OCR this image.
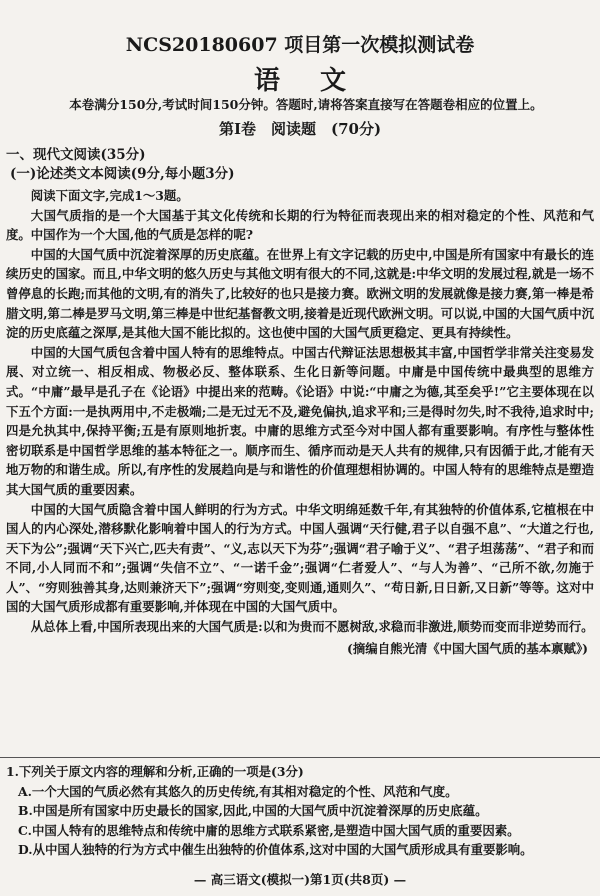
NCS20180607 项目第一次模拟测试卷
语文
本卷满分150分,考试时间150分钟。答题时,请将答案直接写在答题卷相应的位置上。
第Ⅰ卷　阅读题　(70分)
一、现代文阅读(35分)
(一)论述类文本阅读(9分,每小题3分)

阅读下面文字,完成1～3题。

大国气质指的是一个大国基于其文化传统和长期的行为特征而表现出来的相对稳定的个性、风范和气度。中国作为一个大国,他的气质是怎样的呢?

中国的大国气质中沉淀着深厚的历史底蕴。在世界上有文字记载的历史中,中国是所有国家中有最长的连续历史的国家。而且,中华文明的悠久历史与其他文明有很大的不同,这就是:中华文明的发展过程,就是一场不曾停息的长跑;而其他的文明,有的消失了,比较好的也只是接力赛。欧洲文明的发展就像是接力赛,第一棒是希腊文明,第二棒是罗马文明,第三棒是中世纪基督教文明,接着是近现代欧洲文明。可以说,中国的大国气质中沉淀的历史底蕴之深厚,是其他大国不能比拟的。这也使中国的大国气质更稳定、更具有持续性。

中国的大国气质包含着中国人特有的思维特点。中国古代辩证法思想极其丰富,中国哲学非常关注变易发展、对立统一、相反相成、物极必反、整体联系、生化日新等问题。中庸是中国传统中最典型的思维方式。“中庸”最早是孔子在《论语》中提出来的范畴。《论语》中说:“中庸之为德,其至矣乎!”它主要体现在以下五个方面:一是执两用中,不走极端;二是无过无不及,避免偏执,追求平和;三是得时勿失,时不我待,追求时中;四是允执其中,保持平衡;五是有原则地折衷。中庸的思维方式至今对中国人都有重要影响。有序性与整体性密切联系是中国哲学思维的基本特征之一。顺序而生、循序而动是天人共有的规律,只有因循于此,才能有天地万物的和谐生成。所以,有序性的发展趋向是与和谐性的价值理想相协调的。中国人特有的思维特点是塑造其大国气质的重要因素。

中国的大国气质隐含着中国人鲜明的行为方式。中华文明绵延数千年,有其独特的价值体系,它植根在中国人的内心深处,潜移默化影响着中国人的行为方式。中国人强调“天行健,君子以自强不息”、“大道之行也,天下为公”;强调“天下兴亡,匹夫有责”、“义,志以天下为芬”;强调“君子喻于义”、“君子坦荡荡”、“君子和而不同,小人同而不和”;强调“失信不立”、“一诺千金”;强调“仁者爱人”、“与人为善”、“己所不欲,勿施于人”、“穷则独善其身,达则兼济天下”;强调“穷则变,变则通,通则久”、“苟日新,日日新,又日新”等等。这对中国的大国气质形成都有重要影响,并体现在中国的大国气质中。

从总体上看,中国所表现出来的大国气质是:以和为贵而不愿树敌,求稳而非激进,顺势而变而非逆势而行。

(摘编自熊光清《中国大国气质的基本禀赋》)

1.下列关于原文内容的理解和分析,正确的一项是(3分)

A.一个大国的气质必然有其悠久的历史传统,有其相对稳定的个性、风范和气度。

B.中国是所有国家中历史最长的国家,因此,中国的大国气质中沉淀着深厚的历史底蕴。

C.中国人特有的思维特点和传统中庸的思维方式联系紧密,是塑造中国大国气质的重要因素。

D.从中国人独特的行为方式中催生出独特的价值体系,这对中国的大国气质形成具有重要影响。

— 高三语文(模拟一)第1页(共8页) —
